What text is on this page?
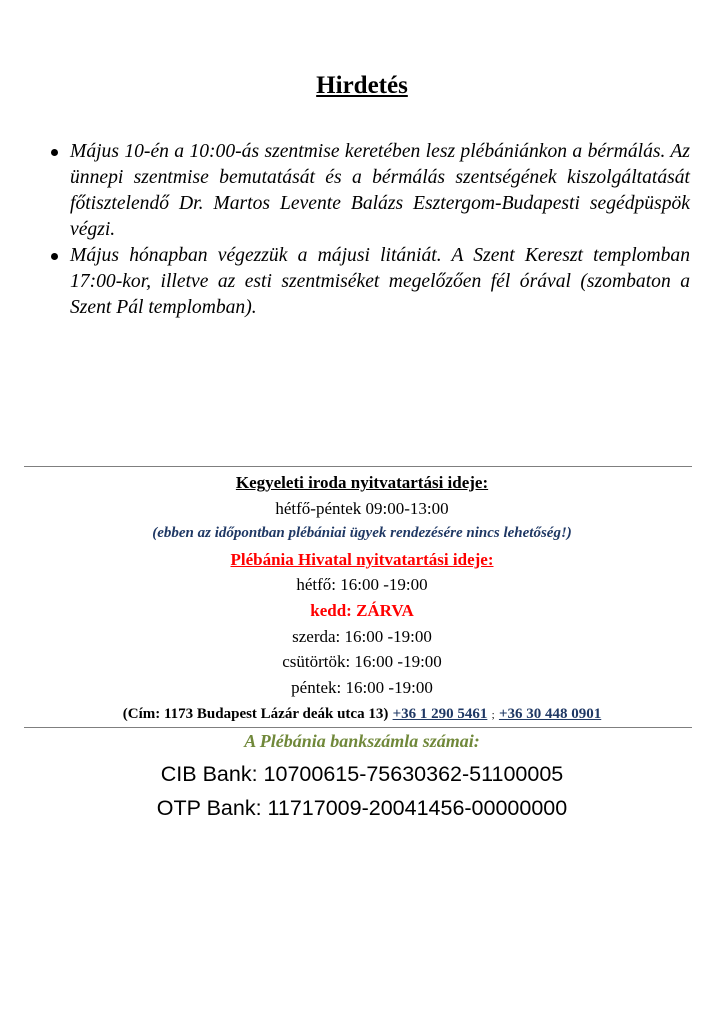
Hirdetés
Május 10-én a 10:00-ás szentmise keretében lesz plébániánkon a bérmálás. Az ünnepi szentmise bemutatását és a bérmálás szentségének kiszolgáltatását főtisztelendő Dr. Martos Levente Balázs Esztergom-Budapesti segédpüspök végzi.
Május hónapban végezzük a májusi litániát. A Szent Kereszt templomban 17:00-kor, illetve az esti szentmiséket megelőzően fél órával (szombaton a Szent Pál templomban).
Kegyeleti iroda nyitvatartási ideje:
hétfő-péntek 09:00-13:00
(ebben az időpontban plébániai ügyek rendezésére nincs lehetőség!)
Plébánia Hivatal nyitvatartási ideje:
hétfő: 16:00 -19:00
kedd: ZÁRVA
szerda: 16:00 -19:00
csütörtök: 16:00 -19:00
péntek: 16:00 -19:00
(Cím: 1173 Budapest Lázár deák utca 13) +36 1 290 5461 ; +36 30 448 0901
A Plébánia bankszámla számai:
CIB Bank: 10700615-75630362-51100005
OTP Bank: 11717009-20041456-00000000
